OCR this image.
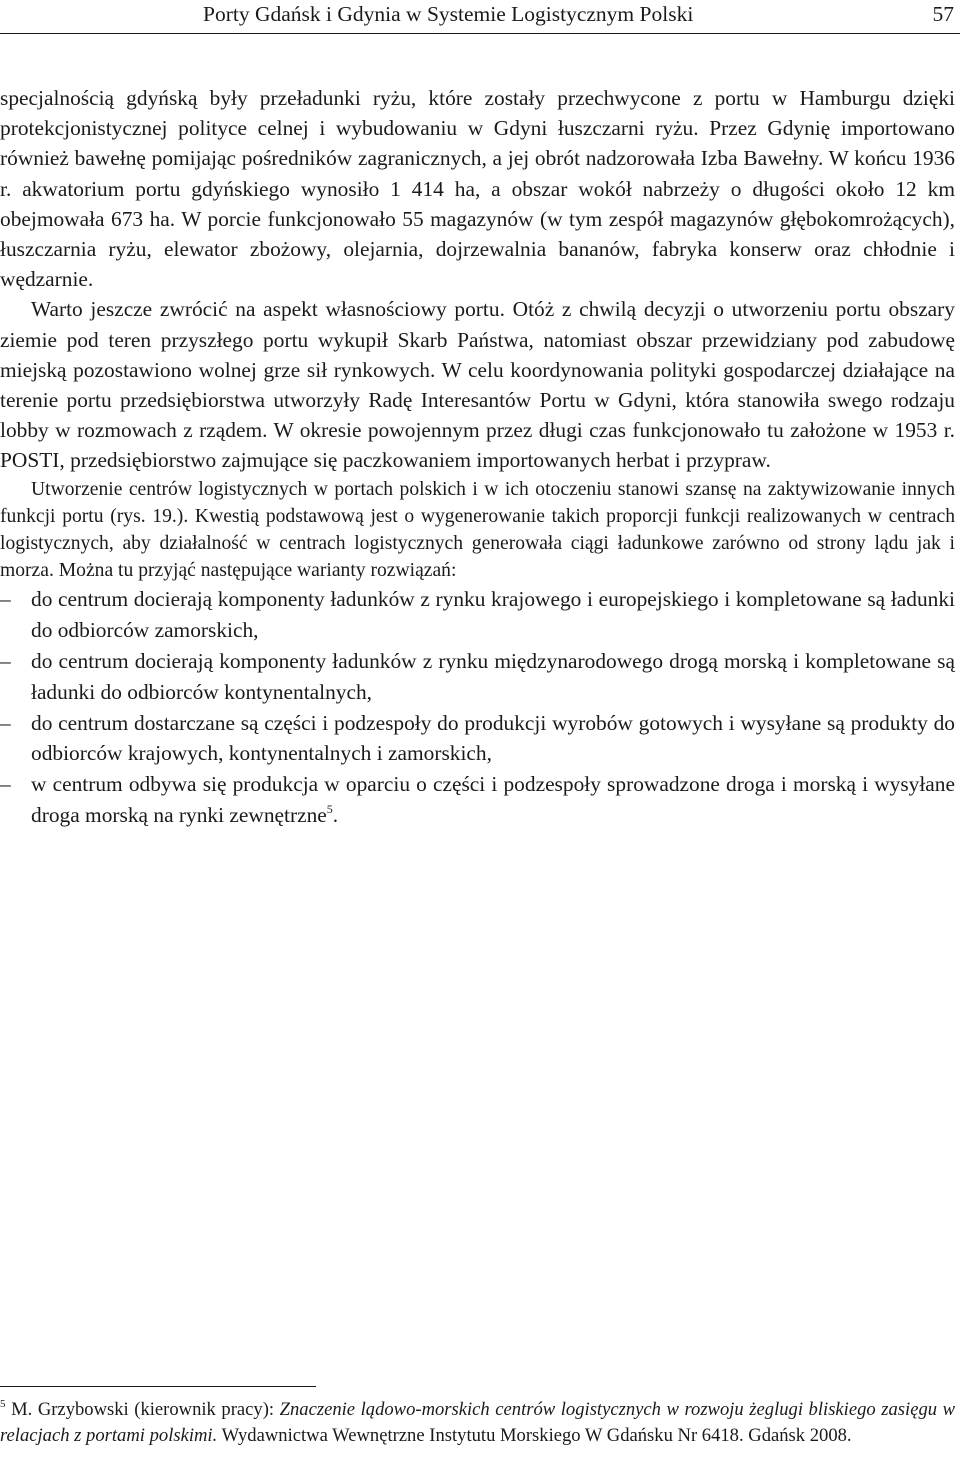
Porty Gdańsk i Gdynia w Systemie Logistycznym Polski	57

specjalnością gdyńską były przeładunki ryżu, które zostały przechwycone z portu w Hamburgu dzięki protekcjonistycznej polityce celnej i wybudowaniu w Gdyni łuszczarni ryżu. Przez Gdynię importowano również bawełnę pomijając pośredników zagranicznych, a jej obrót nadzorowała Izba Bawełny. W końcu 1936 r. akwatorium portu gdyńskiego wynosiło 1 414 ha, a obszar wokół nabrzeży o długości około 12 km obejmowała 673 ha. W porcie funkcjonowało 55 magazynów (w tym zespół magazynów głębokomrożących), łuszczarnia ryżu, elewator zbożowy, olejarnia, dojrzewalnia bananów, fabryka konserw oraz chłodnie i wędzarnie.

Warto jeszcze zwrócić na aspekt własnościowy portu. Otóż z chwilą decyzji o utworzeniu portu obszary ziemie pod teren przyszłego portu wykupił Skarb Państwa, natomiast obszar przewidziany pod zabudowę miejską pozostawiono wolnej grze sił rynkowych. W celu koordynowania polityki gospodarczej działające na terenie portu przedsiębiorstwa utworzyły Radę Interesantów Portu w Gdyni, która stanowiła swego rodzaju lobby w rozmowach z rządem. W okresie powojennym przez długi czas funkcjonowało tu założone w 1953 r. POSTI, przedsiębiorstwo zajmujące się paczkowaniem importowanych herbat i przypraw.

Utworzenie centrów logistycznych w portach polskich i w ich otoczeniu stanowi szansę na zaktywizowanie innych funkcji portu (rys. 19.). Kwestią podstawową jest o wygenerowanie takich proporcji funkcji realizowanych w centrach logistycznych, aby działalność w centrach logistycznych generowała ciągi ładunkowe zarówno od strony lądu jak i morza. Można tu przyjąć następujące warianty rozwiązań:

– do centrum docierają komponenty ładunków z rynku krajowego i europejskiego i kompletowane są ładunki do odbiorców zamorskich,
– do centrum docierają komponenty ładunków z rynku międzynarodowego drogą morską i kompletowane są ładunki do odbiorców kontynentalnych,
– do centrum dostarczane są części i podzespoły do produkcji wyrobów gotowych i wysyłane są produkty do odbiorców krajowych, kontynentalnych i zamorskich,
– w centrum odbywa się produkcja w oparciu o części i podzespoły sprowadzone droga i morską i wysyłane droga morską na rynki zewnętrzne$^5$.

$^5$ M. Grzybowski (kierownik pracy): Znaczenie lądowo-morskich centrów logistycznych w rozwoju żeglugi bliskiego zasięgu w relacjach z portami polskimi. Wydawnictwa Wewnętrzne Instytutu Morskiego W Gdańsku Nr 6418. Gdańsk 2008.
